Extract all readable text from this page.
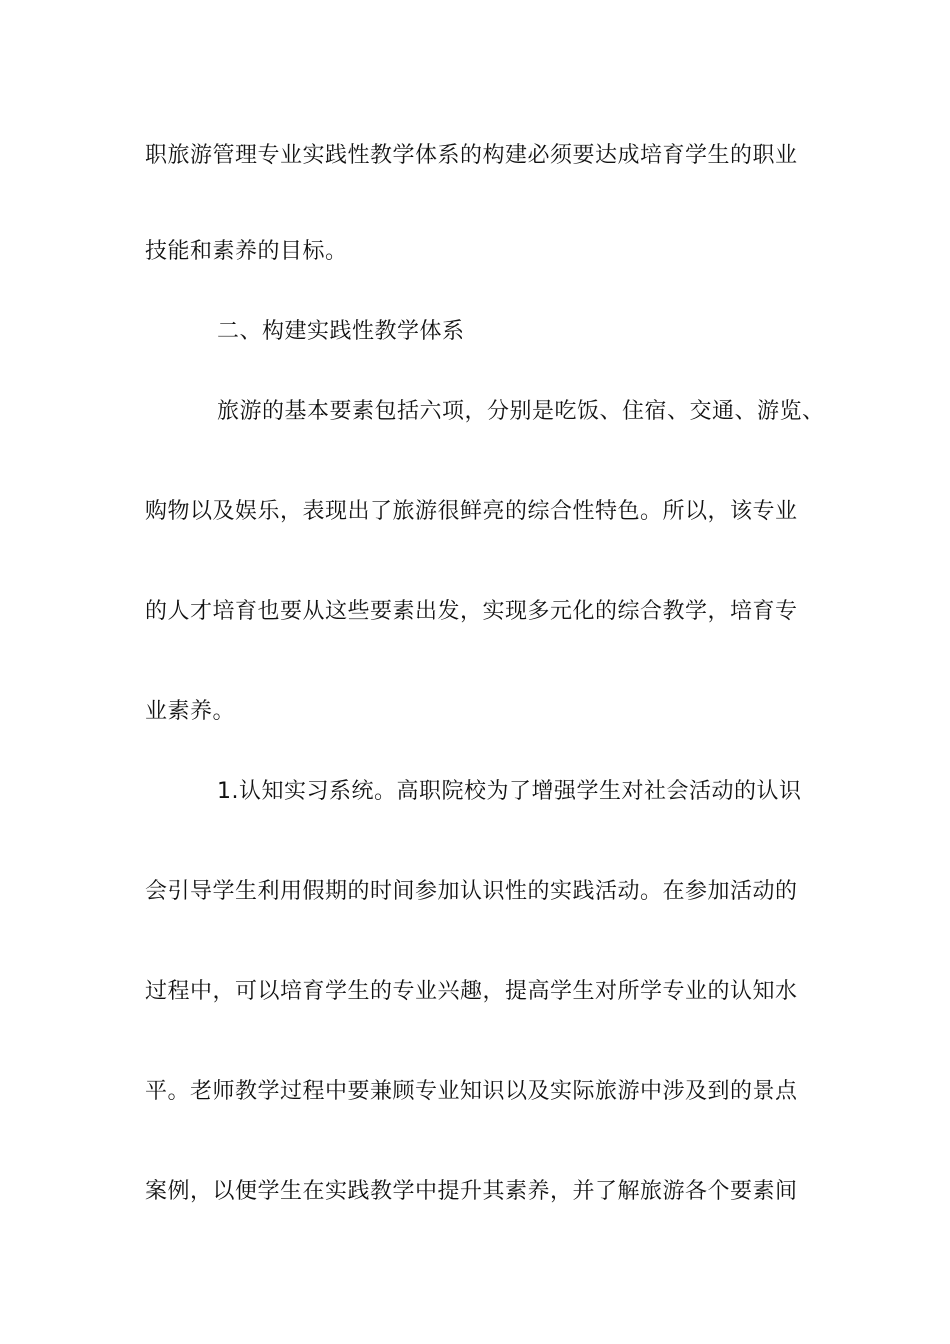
职旅游管理专业实践性教学体系的构建必须要达成培育学生的职业
技能和素养的目标。
二、构建实践性教学体系
旅游的基本要素包括六项，分别是吃饭、住宿、交通、游览、
购物以及娱乐，表现出了旅游很鲜亮的综合性特色。所以，该专业
的人才培育也要从这些要素出发，实现多元化的综合教学，培育专
业素养。
1.认知实习系统。高职院校为了增强学生对社会活动的认识
会引导学生利用假期的时间参加认识性的实践活动。在参加活动的
过程中，可以培育学生的专业兴趣，提高学生对所学专业的认知水
平。老师教学过程中要兼顾专业知识以及实际旅游中涉及到的景点
案例，以便学生在实践教学中提升其素养，并了解旅游各个要素间
